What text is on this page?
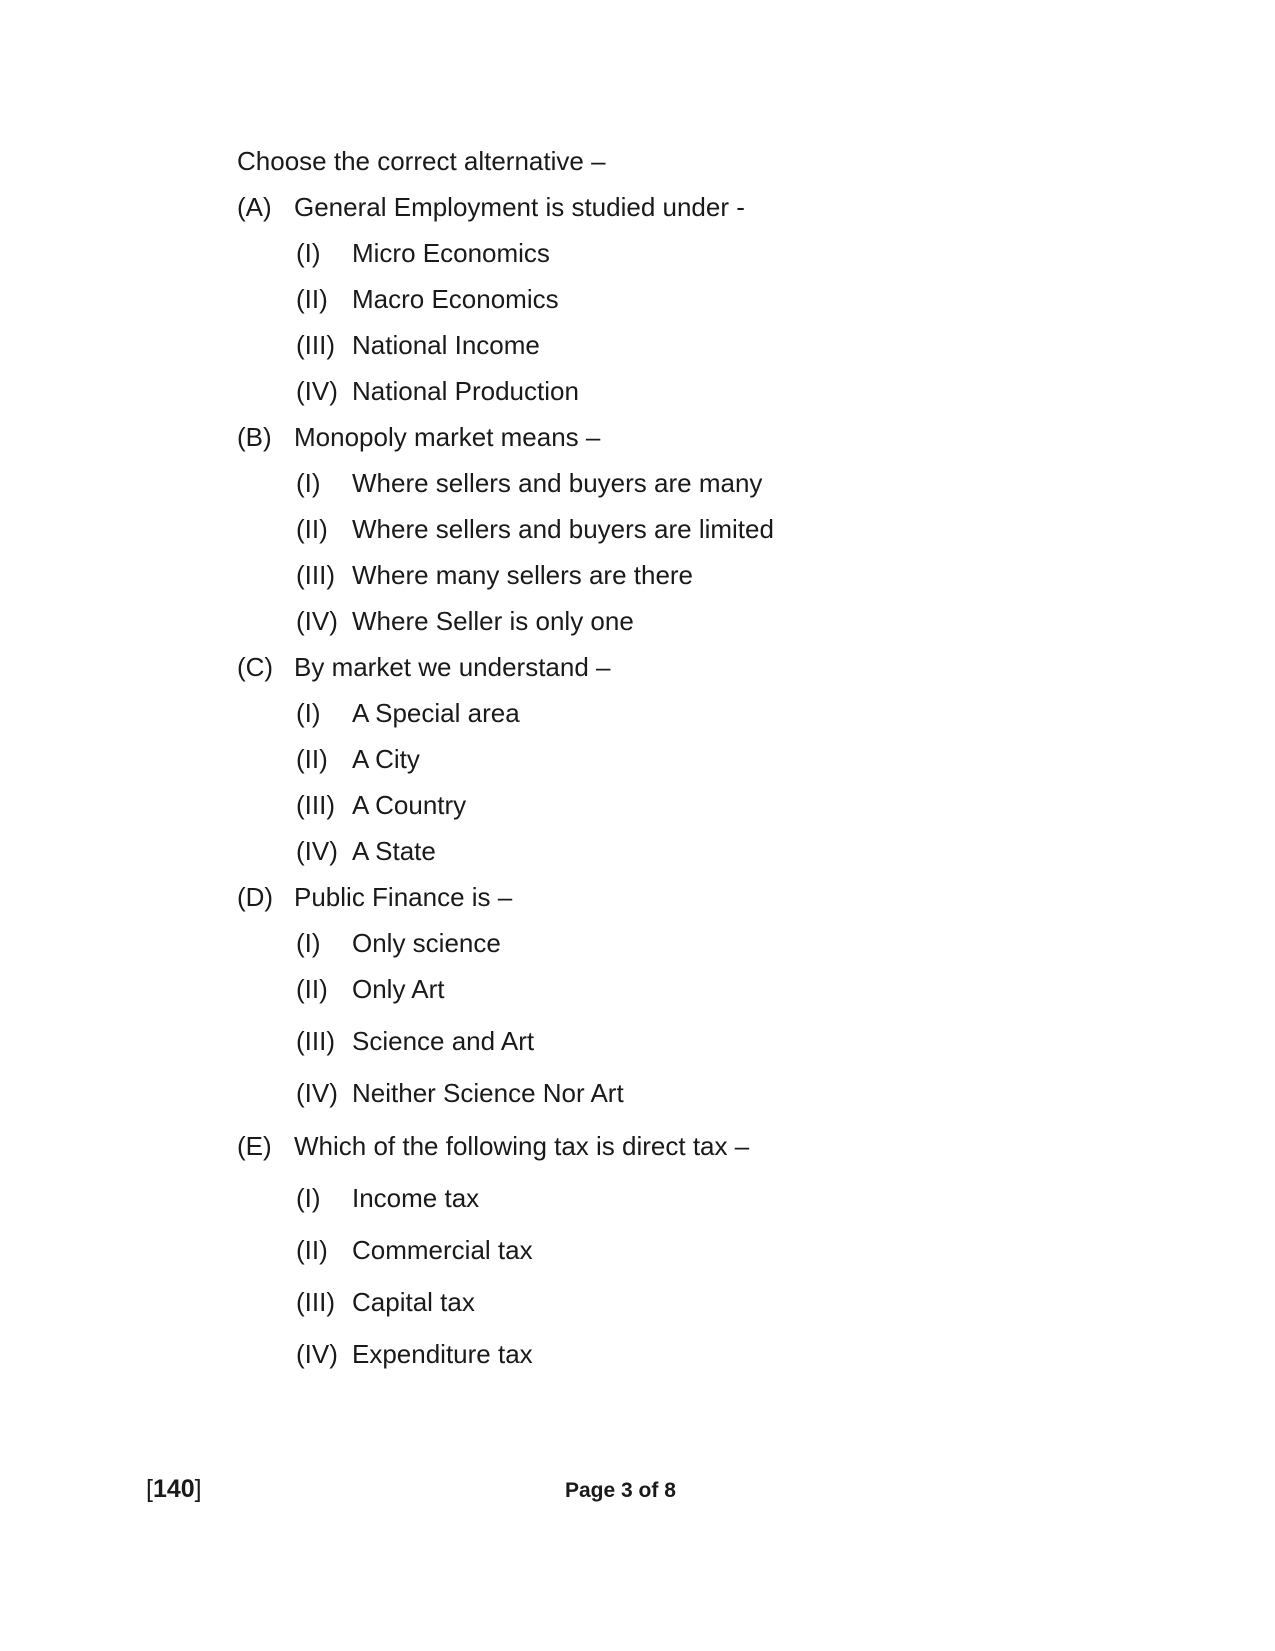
Choose the correct alternative –
(A) General Employment is studied under -
(I) Micro Economics
(II) Macro Economics
(III) National Income
(IV) National Production
(B) Monopoly market means –
(I) Where sellers and buyers are many
(II) Where sellers and buyers are limited
(III) Where many sellers are there
(IV) Where Seller is only one
(C) By market we understand –
(I) A Special area
(II) A City
(III) A Country
(IV) A State
(D) Public Finance is –
(I) Only science
(II) Only Art
(III) Science and Art
(IV) Neither Science Nor Art
(E) Which of the following tax is direct tax –
(I) Income tax
(II) Commercial tax
(III) Capital tax
(IV) Expenditure tax
[140]	Page 3 of 8
